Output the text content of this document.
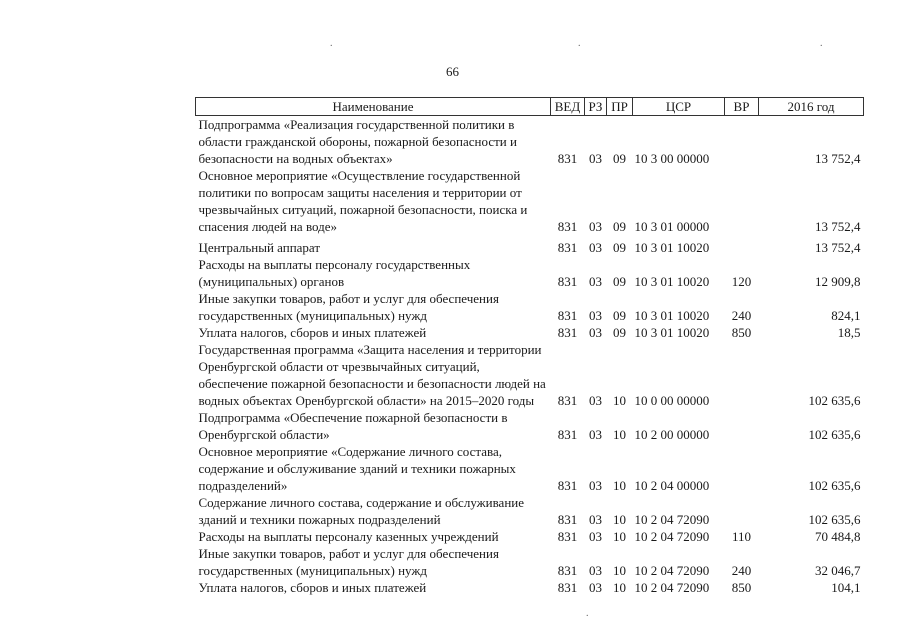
.	.	.
.
66
Наименование	ВЕД	РЗ	ПР	ЦСР	ВР	2016 год

Подпрограмма «Реализация государственной политики в
области гражданской обороны, пожарной безопасности и
безопасности на водных объектах»	831	03	09	10 3 00 00000		13 752,4

Основное мероприятие «Осуществление государственной
политики по вопросам защиты населения и территории от
чрезвычайных ситуаций, пожарной безопасности, поиска и
спасения людей на воде»	831	03	09	10 3 01 00000		13 752,4

Центральный аппарат	831	03	09	10 3 01 10020		13 752,4

Расходы на выплаты персоналу государственных
(муниципальных) органов	831	03	09	10 3 01 10020	120	12 909,8

Иные закупки товаров, работ и услуг для обеспечения
государственных (муниципальных) нужд	831	03	09	10 3 01 10020	240	824,1

Уплата налогов, сборов и иных платежей	831	03	09	10 3 01 10020	850	18,5

Государственная программа «Защита населения и территории
Оренбургской области от чрезвычайных ситуаций,
обеспечение пожарной безопасности и безопасности людей на
водных объектах Оренбургской области» на 2015–2020 годы	831	03	10	10 0 00 00000		102 635,6

Подпрограмма «Обеспечение пожарной безопасности в
Оренбургской области»	831	03	10	10 2 00 00000		102 635,6

Основное мероприятие «Содержание личного состава,
содержание и обслуживание зданий и техники пожарных
подразделений»	831	03	10	10 2 04 00000		102 635,6

Содержание личного состава, содержание и обслуживание
зданий и техники пожарных подразделений	831	03	10	10 2 04 72090		102 635,6

Расходы на выплаты персоналу казенных учреждений	831	03	10	10 2 04 72090	110	70 484,8

Иные закупки товаров, работ и услуг для обеспечения
государственных (муниципальных) нужд	831	03	10	10 2 04 72090	240	32 046,7

Уплата налогов, сборов и иных платежей	831	03	10	10 2 04 72090	850	104,1
